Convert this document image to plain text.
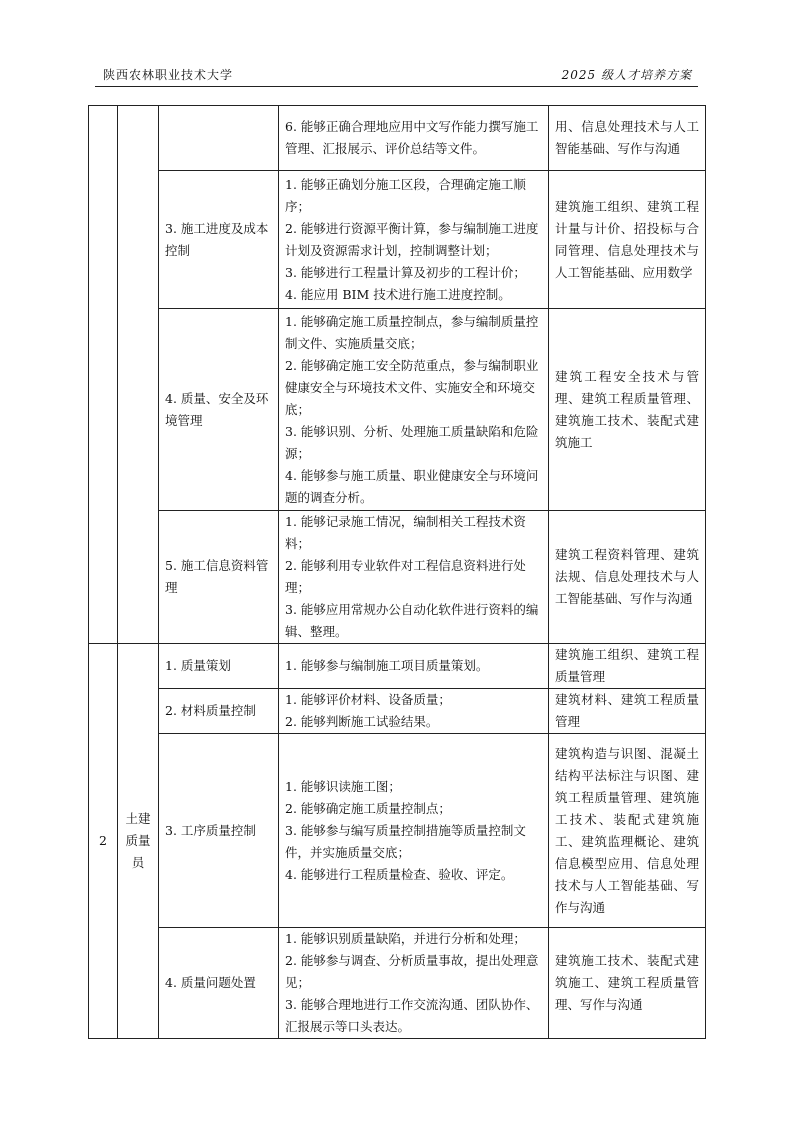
陕西农林职业技术大学	2025 级人才培养方案

			6. 能够正确合理地应用中文写作能力撰写施工管理、汇报展示、评价总结等文件。	用、信息处理技术与人工智能基础、写作与沟通
		3. 施工进度及成本控制	1. 能够正确划分施工区段，合理确定施工顺序；
2. 能够进行资源平衡计算，参与编制施工进度计划及资源需求计划，控制调整计划；
3. 能够进行工程量计算及初步的工程计价；
4. 能应用 BIM 技术进行施工进度控制。	建筑施工组织、建筑工程计量与计价、招投标与合同管理、信息处理技术与人工智能基础、应用数学
		4. 质量、安全及环境管理	1. 能够确定施工质量控制点，参与编制质量控制文件、实施质量交底；
2. 能够确定施工安全防范重点，参与编制职业健康安全与环境技术文件、实施安全和环境交底；
3. 能够识别、分析、处理施工质量缺陷和危险源；
4. 能够参与施工质量、职业健康安全与环境问题的调查分析。	建筑工程安全技术与管理、建筑工程质量管理、建筑施工技术、装配式建筑施工
		5. 施工信息资料管理	1. 能够记录施工情况，编制相关工程技术资料；
2. 能够利用专业软件对工程信息资料进行处理；
3. 能够应用常规办公自动化软件进行资料的编辑、整理。	建筑工程资料管理、建筑法规、信息处理技术与人工智能基础、写作与沟通
2	土建质量员	1. 质量策划	1. 能够参与编制施工项目质量策划。	建筑施工组织、建筑工程质量管理
		2. 材料质量控制	1. 能够评价材料、设备质量；
2. 能够判断施工试验结果。	建筑材料、建筑工程质量管理
		3. 工序质量控制	1. 能够识读施工图；
2. 能够确定施工质量控制点；
3. 能够参与编写质量控制措施等质量控制文件，并实施质量交底；
4. 能够进行工程质量检查、验收、评定。	建筑构造与识图、混凝土结构平法标注与识图、建筑工程质量管理、建筑施工技术、装配式建筑施工、建筑监理概论、建筑信息模型应用、信息处理技术与人工智能基础、写作与沟通
		4. 质量问题处置	1. 能够识别质量缺陷，并进行分析和处理；
2. 能够参与调查、分析质量事故，提出处理意见；
3. 能够合理地进行工作交流沟通、团队协作、汇报展示等口头表达。	建筑施工技术、装配式建筑施工、建筑工程质量管理、写作与沟通
